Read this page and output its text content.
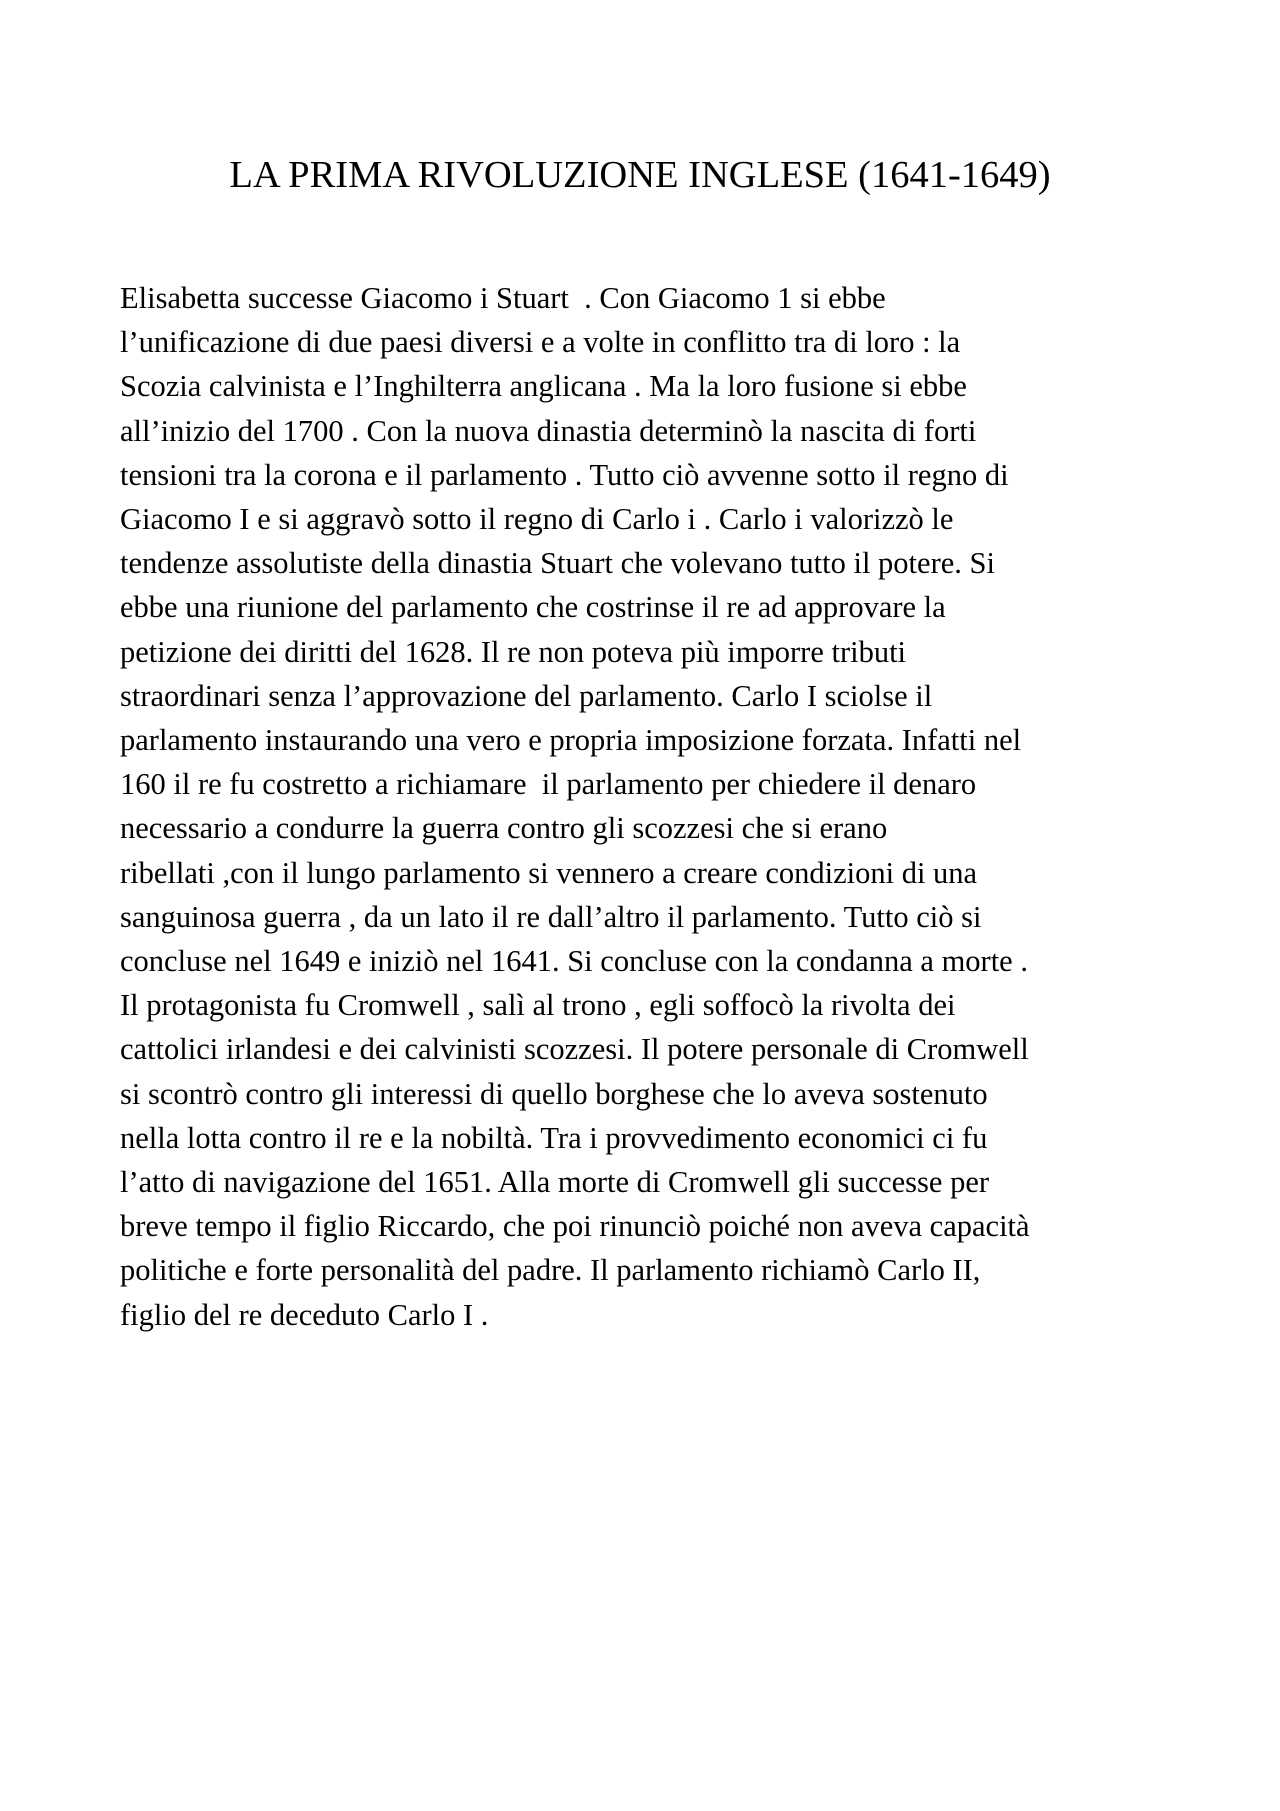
LA PRIMA RIVOLUZIONE INGLESE (1641-1649)
Elisabetta successe Giacomo i Stuart  . Con Giacomo 1 si ebbe
l’unificazione di due paesi diversi e a volte in conflitto tra di loro : la
Scozia calvinista e l’Inghilterra anglicana . Ma la loro fusione si ebbe
all’inizio del 1700 . Con la nuova dinastia determinò la nascita di forti
tensioni tra la corona e il parlamento . Tutto ciò avvenne sotto il regno di
Giacomo I e si aggravò sotto il regno di Carlo i . Carlo i valorizzò le
tendenze assolutiste della dinastia Stuart che volevano tutto il potere. Si
ebbe una riunione del parlamento che costrinse il re ad approvare la
petizione dei diritti del 1628. Il re non poteva più imporre tributi
straordinari senza l’approvazione del parlamento. Carlo I sciolse il
parlamento instaurando una vero e propria imposizione forzata. Infatti nel
160 il re fu costretto a richiamare  il parlamento per chiedere il denaro
necessario a condurre la guerra contro gli scozzesi che si erano
ribellati ,con il lungo parlamento si vennero a creare condizioni di una
sanguinosa guerra , da un lato il re dall’altro il parlamento. Tutto ciò si
concluse nel 1649 e iniziò nel 1641. Si concluse con la condanna a morte .
Il protagonista fu Cromwell , salì al trono , egli soffocò la rivolta dei
cattolici irlandesi e dei calvinisti scozzesi. Il potere personale di Cromwell
si scontrò contro gli interessi di quello borghese che lo aveva sostenuto
nella lotta contro il re e la nobiltà. Tra i provvedimento economici ci fu
l’atto di navigazione del 1651. Alla morte di Cromwell gli successe per
breve tempo il figlio Riccardo, che poi rinunciò poiché non aveva capacità
politiche e forte personalità del padre. Il parlamento richiamò Carlo II,
figlio del re deceduto Carlo I .
